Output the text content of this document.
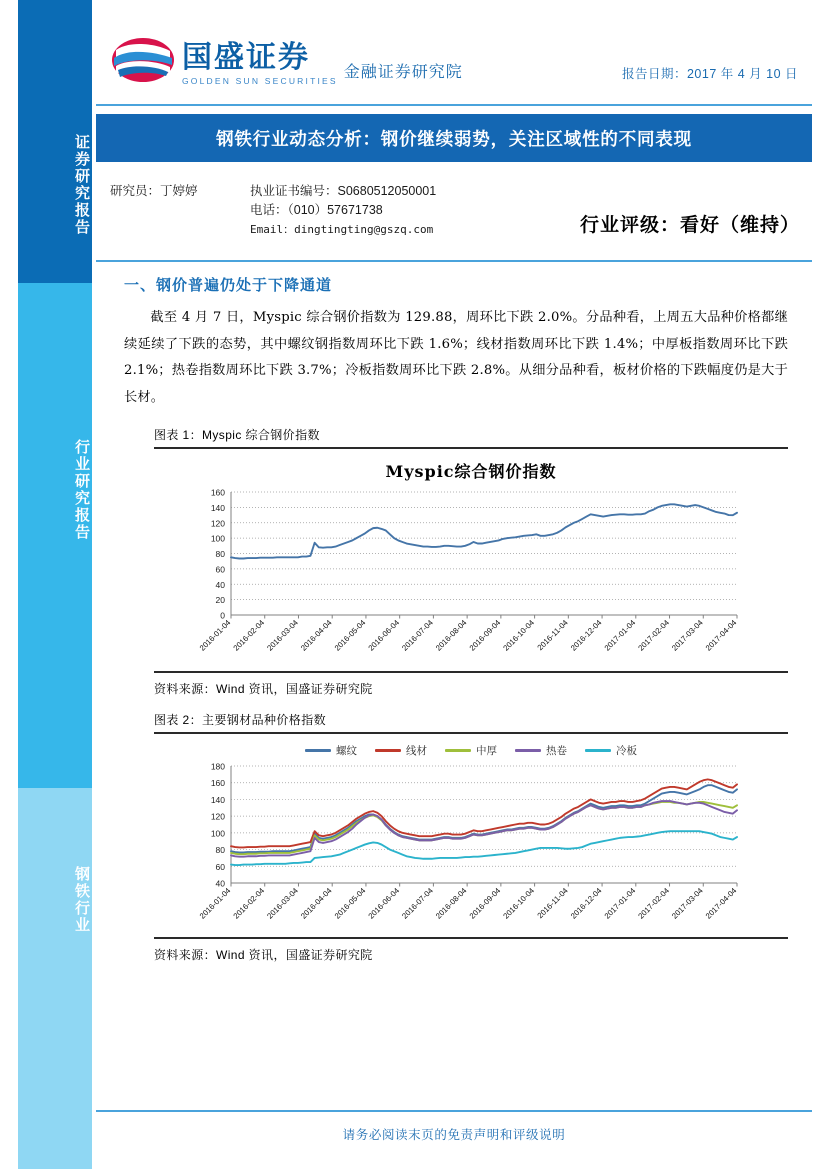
证券研究报告
行业研究报告
钢铁行业
国盛证券
GOLDEN SUN SECURITIES 金融证券研究院	报告日期：2017 年 4 月 10 日
钢铁行业动态分析：钢价继续弱势，关注区域性的不同表现
研究员：丁婷婷	执业证书编号：S0680512050001
电话：（010）57671738
Email：dingtingting@gszq.com	行业评级：看好（维持）
一、钢价普遍仍处于下降通道
截至 4 月 7 日，Myspic 综合钢价指数为 129.88，周环比下跌 2.0%。分品种看，上周五大品种价格都继续延续了下跌的态势，其中螺纹钢指数周环比下跌 1.6%；线材指数周环比下跌 1.4%；中厚板指数周环比下跌 2.1%；热卷指数周环比下跌 3.7%；冷板指数周环比下跌 2.8%。从细分品种看，板材价格的下跌幅度仍是大于长材。
图表 1：Myspic 综合钢价指数
Myspic综合钢价指数
0
20
40
60
80
100
120
140
160
2016-01-04 2016-02-04 2016-03-04 2016-04-04 2016-05-04 2016-06-04 2016-07-04 2016-08-04 2016-09-04 2016-10-04 2016-11-04 2016-12-04 2017-01-04 2017-02-04 2017-03-04 2017-04-04
资料来源：Wind 资讯，国盛证券研究院
图表 2：主要钢材品种价格指数
螺纹	线材	中厚	热卷	冷板
40
60
80
100
120
140
160
180
2016-01-04 2016-02-04 2016-03-04 2016-04-04 2016-05-04 2016-06-04 2016-07-04 2016-08-04 2016-09-04 2016-10-04 2016-11-04 2016-12-04 2017-01-04 2017-02-04 2017-03-04 2017-04-04
资料来源：Wind 资讯，国盛证券研究院
请务必阅读末页的免责声明和评级说明
